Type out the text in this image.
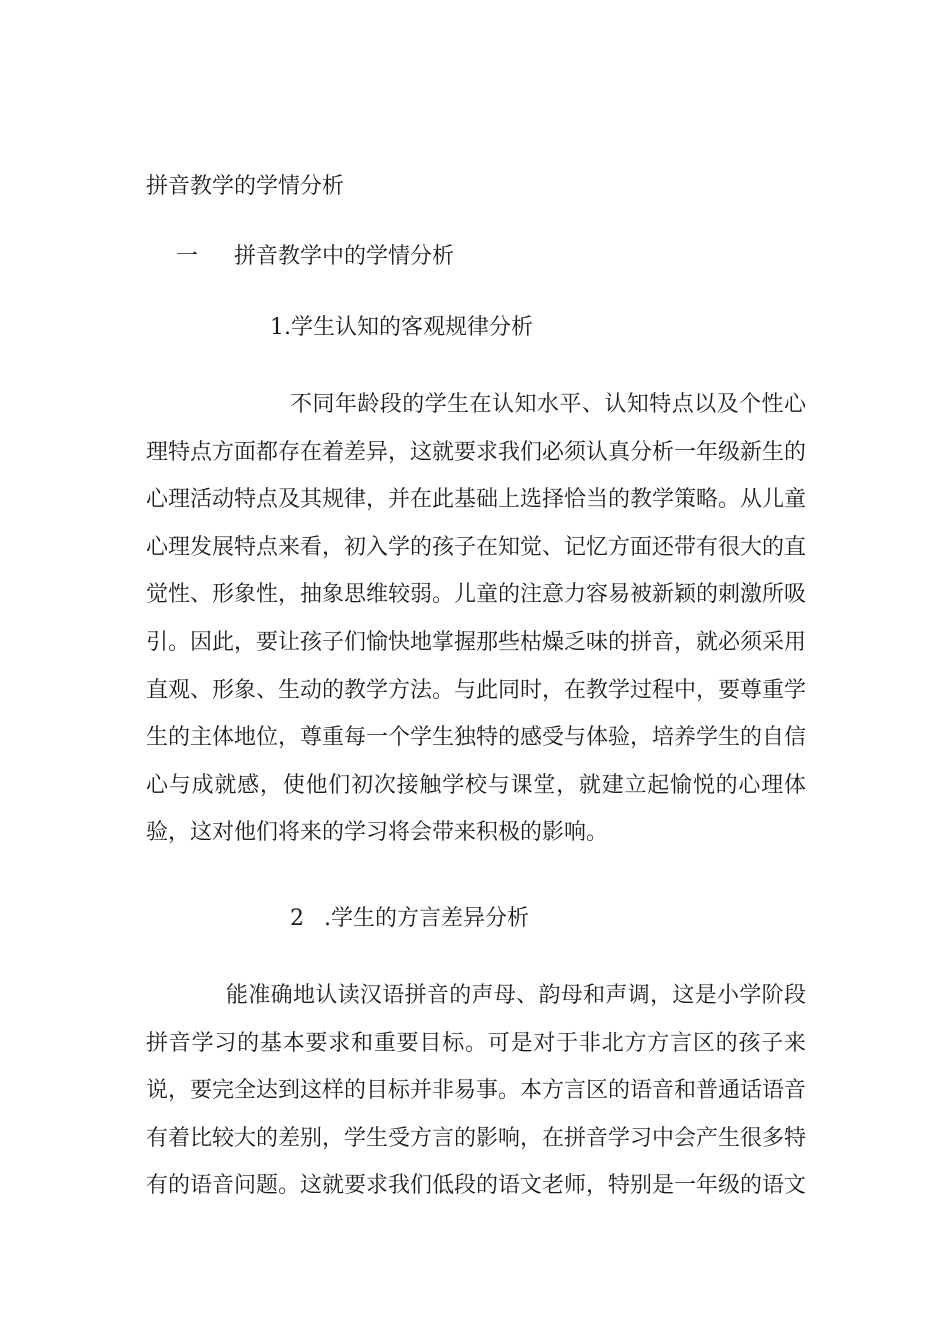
拼音教学的学情分析
一 拼音教学中的学情分析
1.学生认知的客观规律分析

不同年龄段的学生在认知水平、认知特点以及个性心理特点方面都存在着差异，这就要求我们必须认真分析一年级新生的心理活动特点及其规律，并在此基础上选择恰当的教学策略。从儿童心理发展特点来看，初入学的孩子在知觉、记忆方面还带有很大的直觉性、形象性，抽象思维较弱。儿童的注意力容易被新颖的刺激所吸引。因此，要让孩子们愉快地掌握那些枯燥乏味的拼音，就必须采用直观、形象、生动的教学方法。与此同时，在教学过程中，要尊重学生的主体地位，尊重每一个学生独特的感受与体验，培养学生的自信心与成就感，使他们初次接触学校与课堂，就建立起愉悦的心理体验，这对他们将来的学习将会带来积极的影响。

2 .学生的方言差异分析

能准确地认读汉语拼音的声母、韵母和声调，这是小学阶段拼音学习的基本要求和重要目标。可是对于非北方方言区的孩子来说，要完全达到这样的目标并非易事。本方言区的语音和普通话语音有着比较大的差别，学生受方言的影响，在拼音学习中会产生很多特有的语音问题。这就要求我们低段的语文老师，特别是一年级的语文
